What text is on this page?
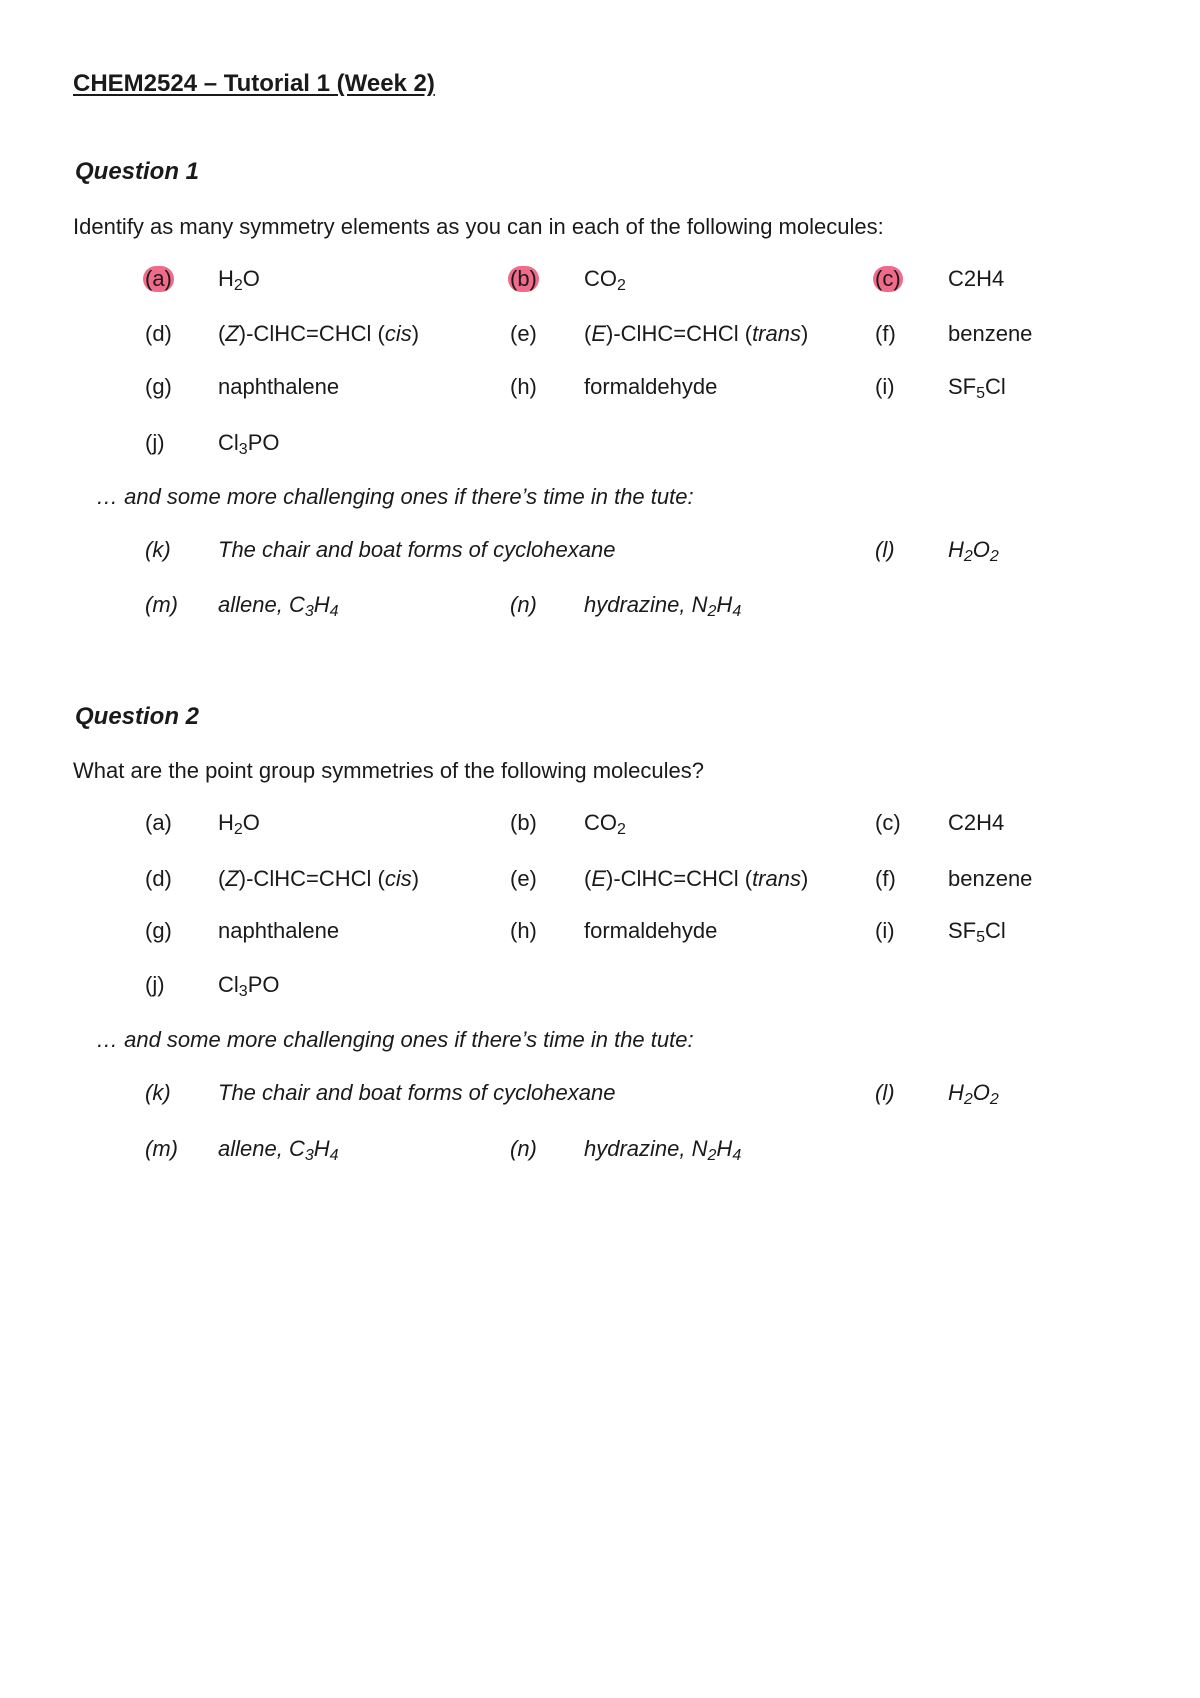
CHEM2524 – Tutorial 1 (Week 2)
Question 1
Identify as many symmetry elements as you can in each of the following molecules:
(a) $H_2O$	(b) $CO_2$	(c) C2H4
(d) (Z)-ClHC=CHCl (cis)	(e) (E)-ClHC=CHCl (trans)	(f) benzene
(g) naphthalene	(h) formaldehyde	(i) $SF_5Cl$
(j) $Cl_3PO$
… and some more challenging ones if there’s time in the tute:
(k) The chair and boat forms of cyclohexane	(l) $H_2O_2$
(m) allene, $C_3H_4$	(n) hydrazine, $N_2H_4$
Question 2
What are the point group symmetries of the following molecules?
(a) $H_2O$	(b) $CO_2$	(c) C2H4
(d) (Z)-ClHC=CHCl (cis)	(e) (E)-ClHC=CHCl (trans)	(f) benzene
(g) naphthalene	(h) formaldehyde	(i) $SF_5Cl$
(j) $Cl_3PO$
… and some more challenging ones if there’s time in the tute:
(k) The chair and boat forms of cyclohexane	(l) $H_2O_2$
(m) allene, $C_3H_4$	(n) hydrazine, $N_2H_4$
